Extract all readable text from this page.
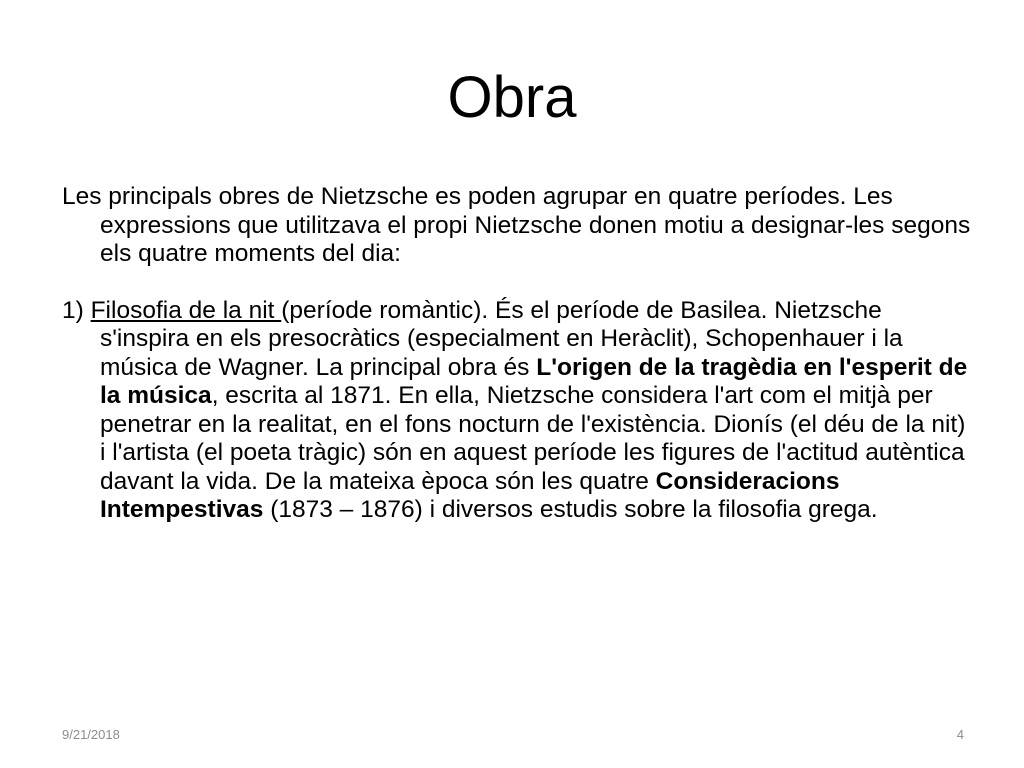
Obra

Les principals obres de Nietzsche es poden agrupar en quatre períodes. Les expressions que utilitzava el propi Nietzsche donen motiu a designar-les segons els quatre moments del dia:

1) Filosofia de la nit (període romàntic). És el període de Basilea. Nietzsche s'inspira en els presocràtics (especialment en Heràclit), Schopenhauer i la música de Wagner. La principal obra és L'origen de la tragèdia en l'esperit de la música, escrita al 1871. En ella, Nietzsche considera l'art com el mitjà per penetrar en la realitat, en el fons nocturn de l'existència. Dionís (el déu de la nit) i l'artista (el poeta tràgic) són en aquest període les figures de l'actitud autèntica davant la vida. De la mateixa època són les quatre Consideracions Intempestivas (1873 – 1876) i diversos estudis sobre la filosofia grega.

9/21/2018	4
